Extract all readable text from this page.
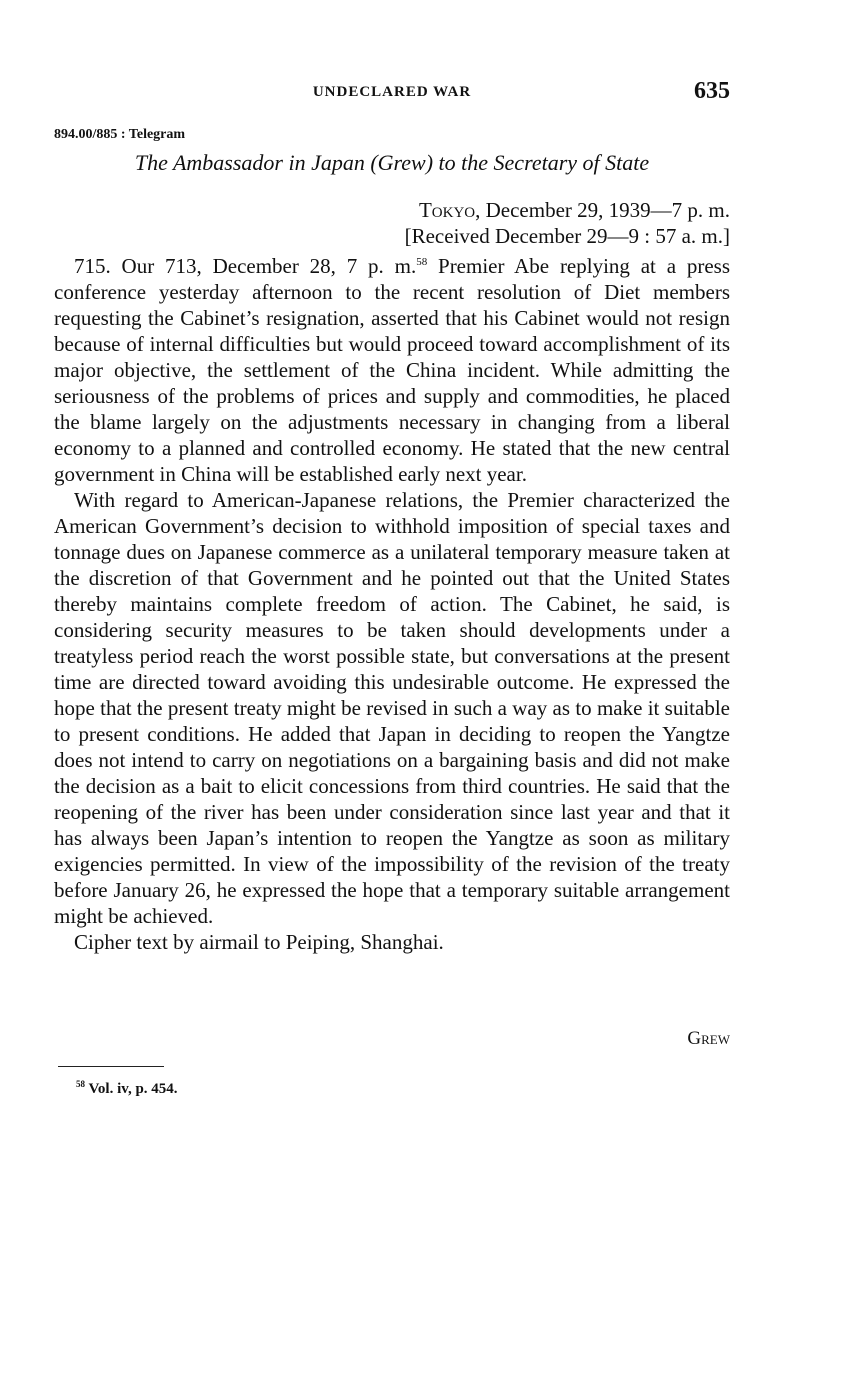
UNDECLARED WAR	635
894.00/885 : Telegram
The Ambassador in Japan (Grew) to the Secretary of State
Tokyo, December 29, 1939—7 p. m.
[Received December 29—9 : 57 a. m.]

715. Our 713, December 28, 7 p. m.$^{58}$ Premier Abe replying at a press conference yesterday afternoon to the recent resolution of Diet members requesting the Cabinet’s resignation, asserted that his Cabinet would not resign because of internal difficulties but would proceed toward accomplishment of its major objective, the settlement of the China incident. While admitting the seriousness of the problems of prices and supply and commodities, he placed the blame largely on the adjustments necessary in changing from a liberal economy to a planned and controlled economy. He stated that the new central government in China will be established early next year.

With regard to American-Japanese relations, the Premier characterized the American Government’s decision to withhold imposition of special taxes and tonnage dues on Japanese commerce as a unilateral temporary measure taken at the discretion of that Government and he pointed out that the United States thereby maintains complete freedom of action. The Cabinet, he said, is considering security measures to be taken should developments under a treatyless period reach the worst possible state, but conversations at the present time are directed toward avoiding this undesirable outcome. He expressed the hope that the present treaty might be revised in such a way as to make it suitable to present conditions. He added that Japan in deciding to reopen the Yangtze does not intend to carry on negotiations on a bargaining basis and did not make the decision as a bait to elicit concessions from third countries. He said that the reopening of the river has been under consideration since last year and that it has always been Japan’s intention to reopen the Yangtze as soon as military exigencies permitted. In view of the impossibility of the revision of the treaty before January 26, he expressed the hope that a temporary suitable arrangement might be achieved.

Cipher text by airmail to Peiping, Shanghai.

Grew
$^{58}$ Vol. iv, p. 454.
